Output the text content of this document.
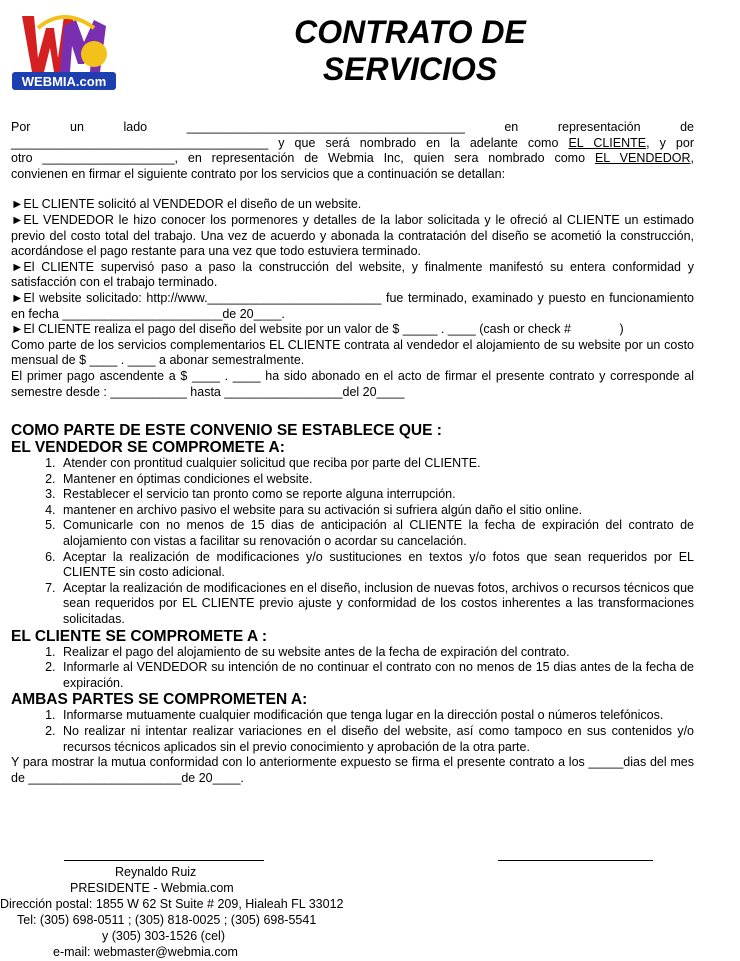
WEBMIA.com
CONTRATO DE
SERVICIOS

Por un lado ________________________________________ en representación de

_____________________________________ y que será nombrado en la adelante como EL CLIENTE, y por

otro ___________________, en representación de Webmia Inc, quien sera nombrado como EL VENDEDOR,

convienen en firmar el siguiente contrato por los servicios que a continuación se detallan:

►EL CLIENTE solicitó al VENDEDOR el diseño de un website.

►EL VENDEDOR le hizo conocer los pormenores y detalles de la labor solicitada y le ofreció al CLIENTE un estimado previo del costo total del trabajo. Una vez de acuerdo y abonada la contratación del diseño se acometió la construcción, acordándose el pago restante para una vez que todo estuviera terminado.

►El CLIENTE supervisó paso a paso la construcción del website, y finalmente manifestó su entera conformidad y satisfacción con el trabajo terminado.

►El website solicitado: http://www._________________________ fue terminado, examinado y puesto en funcionamiento en fecha _______________________de 20____.

►El CLIENTE realiza el pago del diseño del website por un valor de $ _____ . ____ (cash or check #              )

Como parte de los servicios complementarios EL CLIENTE contrata al vendedor el alojamiento de su website por un costo mensual de $ ____ . ____ a abonar semestralmente.

El primer pago ascendente a $ ____ . ____ ha sido abonado en el acto de firmar el presente contrato y corresponde al semestre desde : ___________ hasta _________________del 20____

COMO PARTE DE ESTE CONVENIO SE ESTABLECE QUE :

EL VENDEDOR SE COMPROMETE A:

1. Atender con prontitud cualquier solicitud que reciba por parte del CLIENTE.
2. Mantener en óptimas condiciones el website.
3. Restablecer el servicio tan pronto como se reporte alguna interrupción.
4. mantener en archivo pasivo el website para su activación si sufriera algún daño el sitio online.
5. Comunicarle con no menos de 15 dias de anticipación al CLIENTE la fecha de expiración del contrato de alojamiento con vistas a facilitar su renovación o acordar su cancelación.
6. Aceptar la realización de modificaciones y/o sustituciones en textos y/o fotos que sean requeridos por EL CLIENTE sin costo adicional.
7. Aceptar la realización de modificaciones en el diseño, inclusion de nuevas fotos, archivos o recursos técnicos que sean requeridos por EL CLIENTE previo ajuste y conformidad de los costos inherentes a las transformaciones solicitadas.

EL CLIENTE SE COMPROMETE A :

1. Realizar el pago del alojamiento de su website antes de la fecha de expiración del contrato.
2. Informarle al VENDEDOR su intención de no continuar el contrato con no menos de 15 dias antes de la fecha de expiración.

AMBAS PARTES SE COMPROMETEN A:

1. Informarse mutuamente cualquier modificación que tenga lugar en la dirección postal o números telefónicos.
2. No realizar ni intentar realizar variaciones en el diseño del website, así como tampoco en sus contenidos y/o recursos técnicos aplicados sin el previo conocimiento y aprobación de la otra parte.

Y para mostrar la mutua conformidad con lo anteriormente expuesto se firma el presente contrato a los _____dias del mes de ______________________de 20____.

Reynaldo Ruiz
PRESIDENTE - Webmia.com
Dirección postal: 1855 W 62 St Suite # 209, Hialeah FL 33012
Tel: (305) 698-0511 ; (305) 818-0025 ; (305) 698-5541
y (305) 303-1526 (cel)
e-mail: webmaster@webmia.com
